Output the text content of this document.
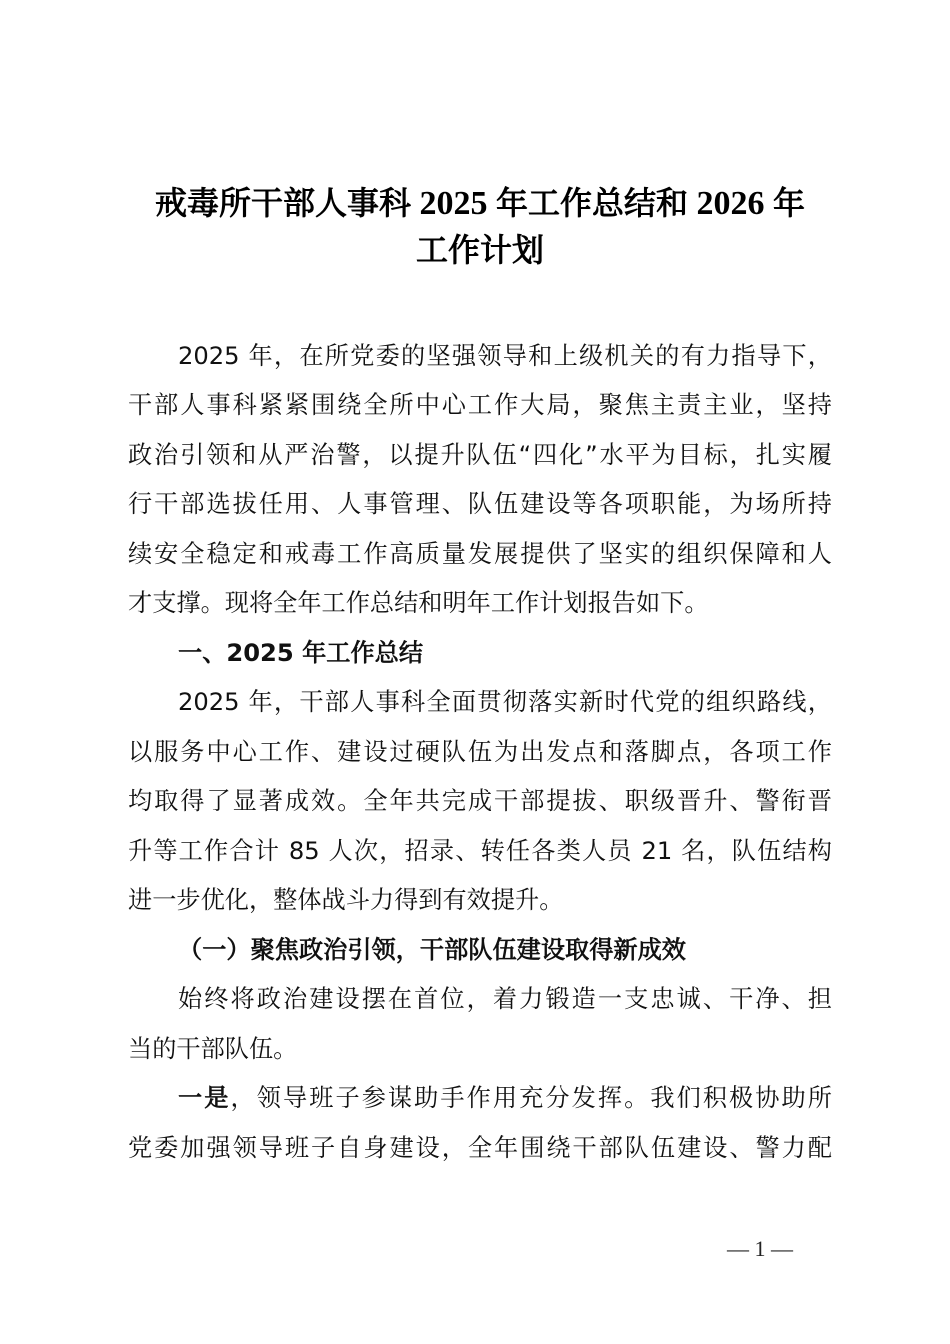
戒毒所干部人事科 2025 年工作总结和 2026 年
工作计划
2025 年，在所党委的坚强领导和上级机关的有力指导下，
干部人事科紧紧围绕全所中心工作大局，聚焦主责主业，坚持
政治引领和从严治警，以提升队伍“四化”水平为目标，扎实履
行干部选拔任用、人事管理、队伍建设等各项职能，为场所持
续安全稳定和戒毒工作高质量发展提供了坚实的组织保障和人
才支撑。现将全年工作总结和明年工作计划报告如下。
一、2025 年工作总结
2025 年，干部人事科全面贯彻落实新时代党的组织路线，
以服务中心工作、建设过硬队伍为出发点和落脚点，各项工作
均取得了显著成效。全年共完成干部提拔、职级晋升、警衔晋
升等工作合计 85 人次，招录、转任各类人员 21 名，队伍结构
进一步优化，整体战斗力得到有效提升。
（一）聚焦政治引领，干部队伍建设取得新成效
始终将政治建设摆在首位，着力锻造一支忠诚、干净、担
当的干部队伍。
一是，领导班子参谋助手作用充分发挥。我们积极协助所
党委加强领导班子自身建设，全年围绕干部队伍建设、警力配
— 1 —
